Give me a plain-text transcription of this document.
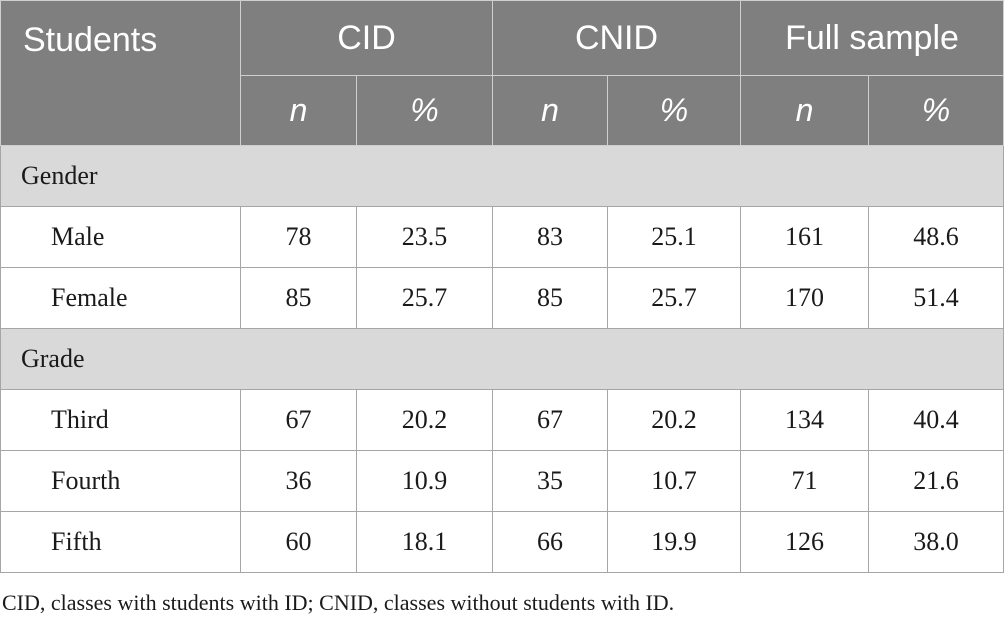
Students	CID		CNID		Full sample	
	n	%	n	%	n	%
Gender						
Male	78	23.5	83	25.1	161	48.6
Female	85	25.7	85	25.7	170	51.4
Grade						
Third	67	20.2	67	20.2	134	40.4
Fourth	36	10.9	35	10.7	71	21.6
Fifth	60	18.1	66	19.9	126	38.0
CID, classes with students with ID; CNID, classes without students with ID.
